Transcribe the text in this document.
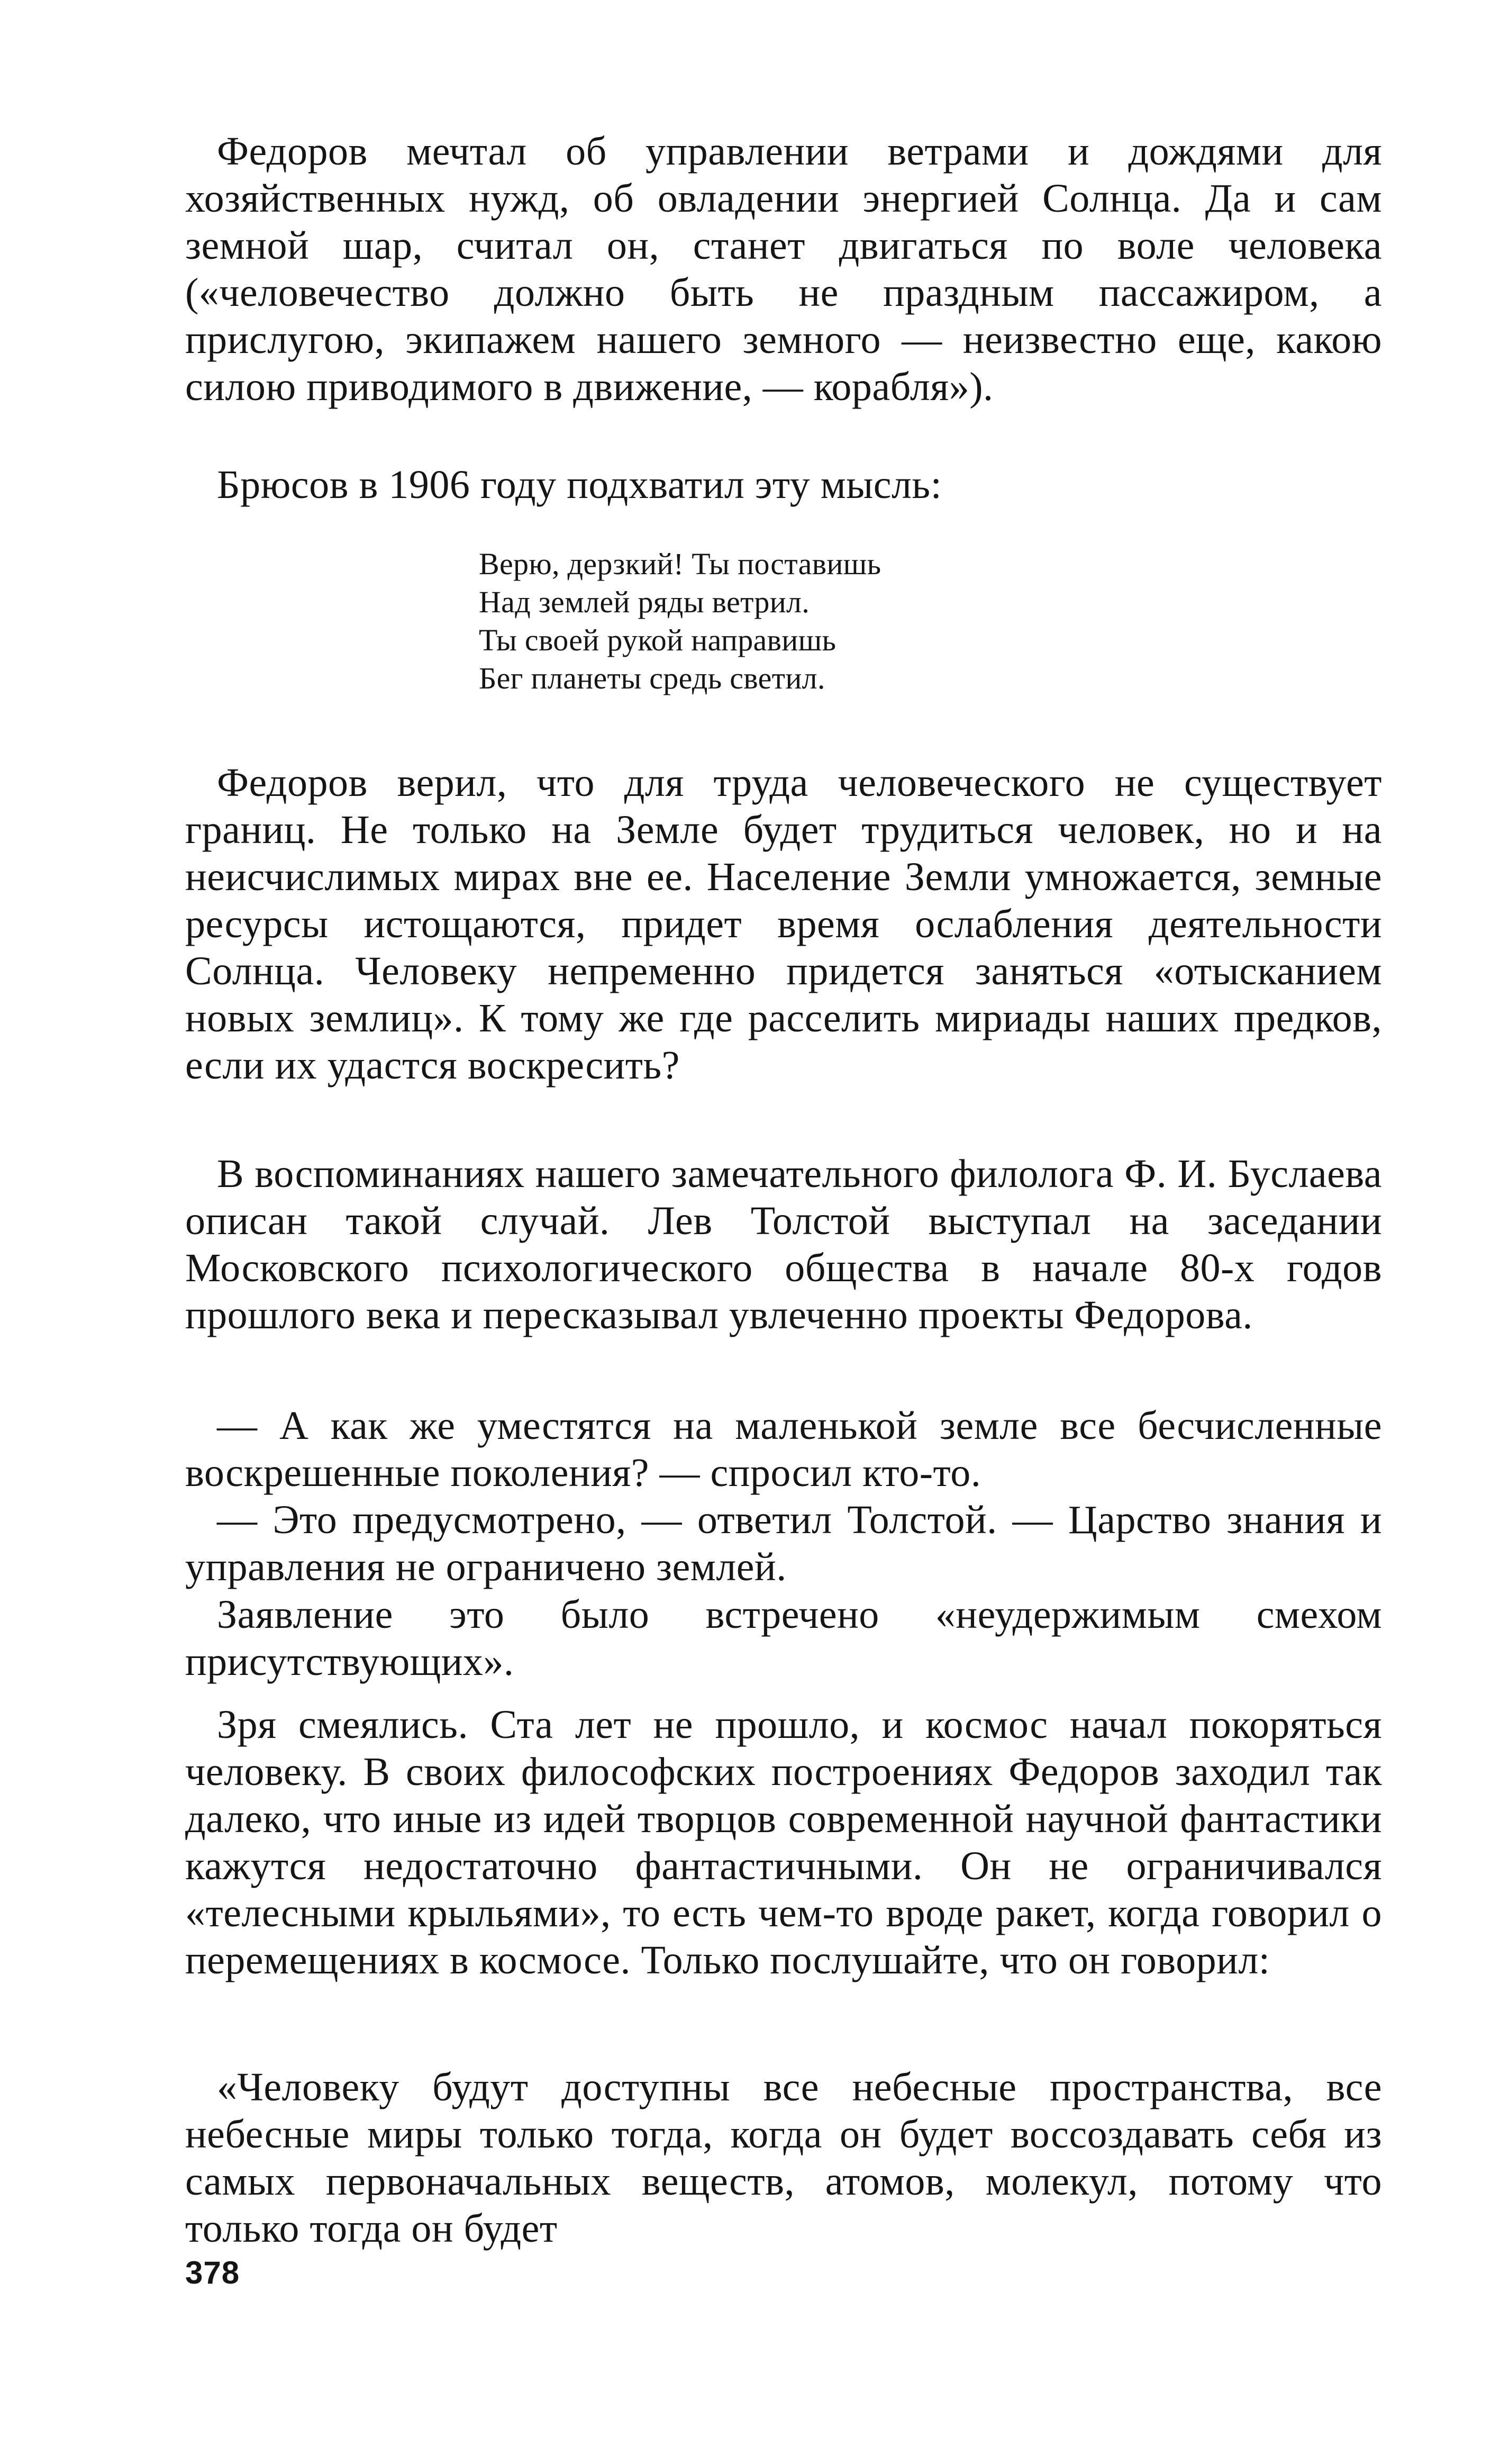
Федоров мечтал об управлении ветрами и дождями для хозяйственных нужд, об овладении энергией Солнца. Да и сам земной шар, считал он, станет двигаться по воле человека («человечество должно быть не праздным пассажиром, а прислугою, экипажем нашего земного — неизвестно еще, какою силою приводимого в движение, — корабля»).

Брюсов в 1906 году подхватил эту мысль:

Федоров верил, что для труда человеческого не существует границ. Не только на Земле будет трудиться человек, но и на неисчислимых мирах вне ее. Население Земли умножается, земные ресурсы истощаются, придет время ослабления деятельности Солнца. Человеку непременно придется заняться «отысканием новых землиц». К тому же где расселить мириады наших предков, если их удастся воскресить?

В воспоминаниях нашего замечательного филолога Ф. И. Буслаева описан такой случай. Лев Толстой выступал на заседании Московского психологического общества в начале 80-х годов прошлого века и пересказывал увлеченно проекты Федорова.

— А как же уместятся на маленькой земле все бесчисленные воскрешенные поколения? — спросил кто-то.

— Это предусмотрено, — ответил Толстой. — Царство знания и управления не ограничено землей.

Заявление это было встречено «неудержимым смехом присутствующих».

Зря смеялись. Ста лет не прошло, и космос начал покоряться человеку. В своих философских построениях Федоров заходил так далеко, что иные из идей творцов современной научной фантастики кажутся недостаточно фантастичными. Он не ограничивался «телесными крыльями», то есть чем-то вроде ракет, когда говорил о перемещениях в космосе. Только послушайте, что он говорил:

«Человеку будут доступны все небесные пространства, все небесные миры только тогда, когда он будет воссоздавать себя из самых первоначальных веществ, атомов, молекул, потому что только тогда он будет

Верю, дерзкий! Ты поставишь
Над землей ряды ветрил.
Ты своей рукой направишь
Бег планеты средь светил.
378
